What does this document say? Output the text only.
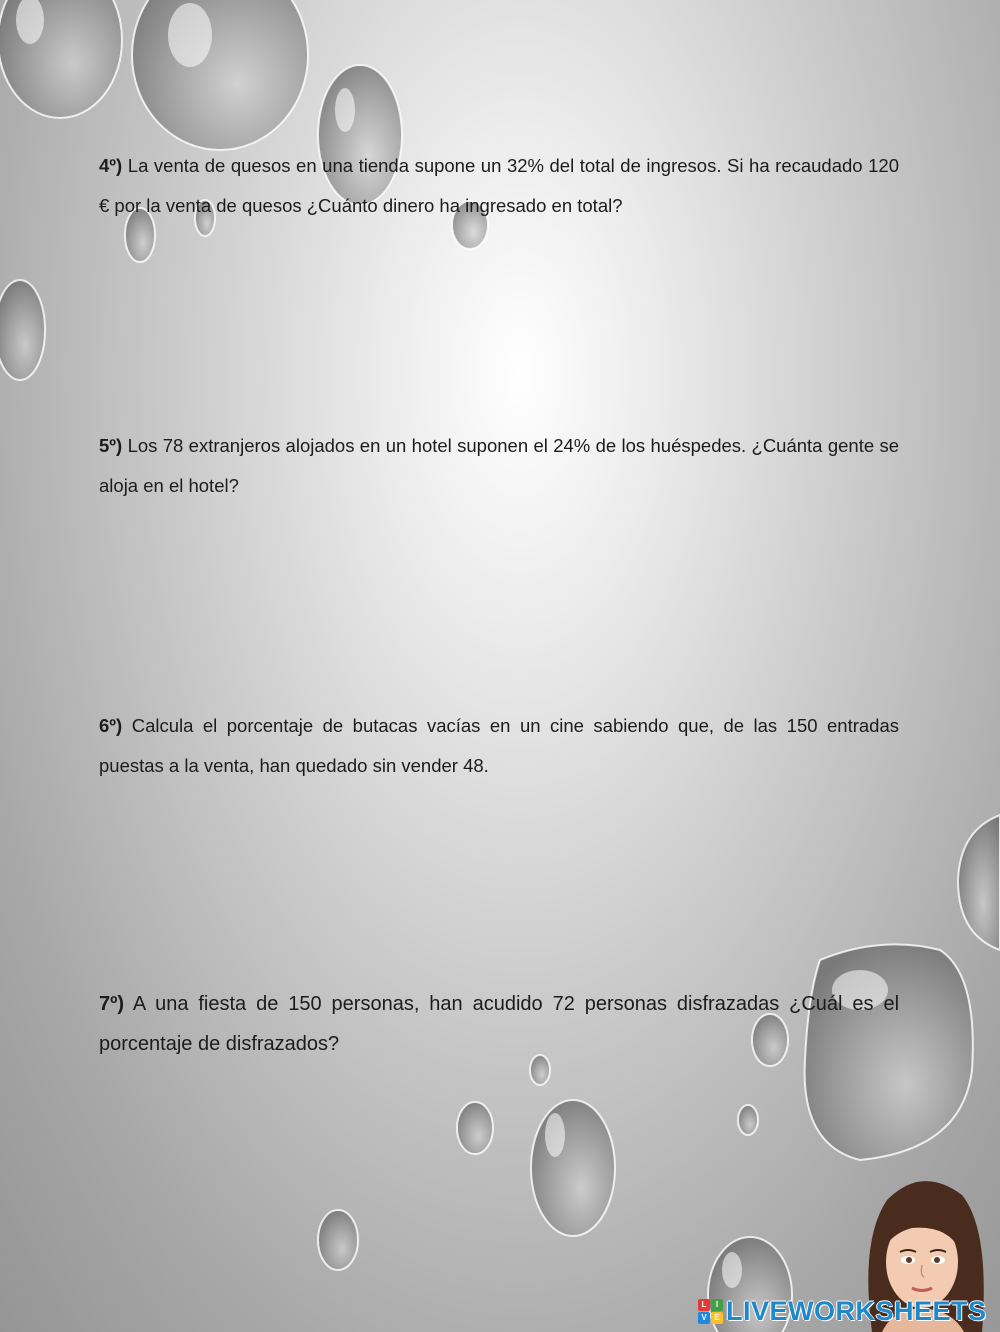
4º) La venta de quesos en una tienda supone un 32% del total de ingresos. Si ha recaudado 120 € por la venta de quesos ¿Cuánto dinero ha ingresado en total?
5º) Los 78 extranjeros alojados en un hotel suponen el 24% de los huéspedes. ¿Cuánta gente se aloja en el hotel?
6º) Calcula el porcentaje de butacas vacías en un cine sabiendo que, de las 150 entradas puestas a la venta, han quedado sin vender 48.
7º) A una fiesta de 150 personas, han acudido 72 personas disfrazadas ¿Cuál es el porcentaje de disfrazados?
L	I
V E LIVEWORKSHEETS
